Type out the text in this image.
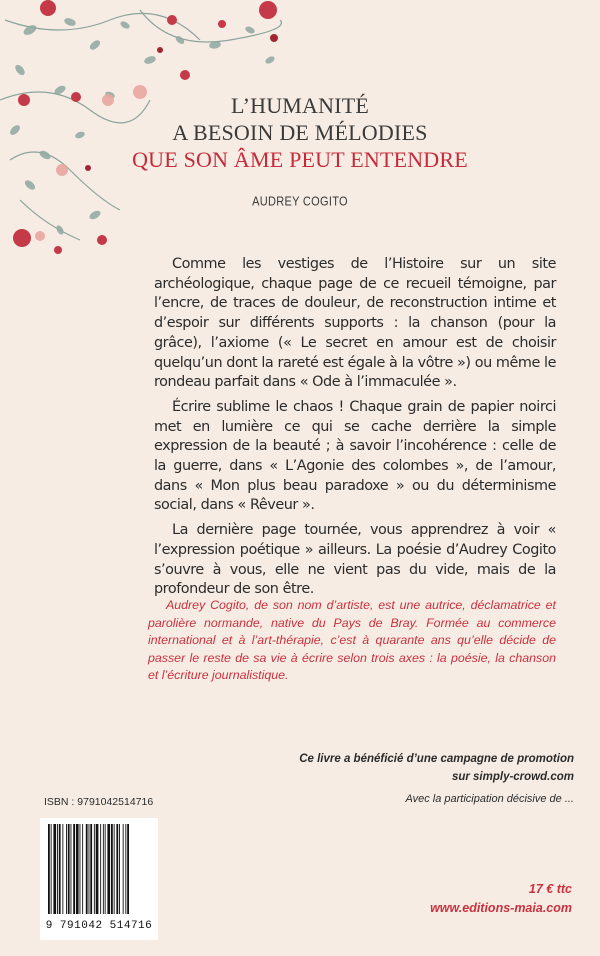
L’HUMANITÉ
A BESOIN DE MÉLODIES
QUE SON ÂME PEUT ENTENDRE
AUDREY COGITO

Comme les vestiges de l’Histoire sur un site archéologique, chaque page de ce recueil témoigne, par l’encre, de traces de douleur, de reconstruction intime et d’espoir sur différents supports : la chanson (pour la grâce), l’axiome (« Le secret en amour est de choisir quelqu’un dont la rareté est égale à la vôtre ») ou même le rondeau parfait dans « Ode à l’immaculée ».

Écrire sublime le chaos ! Chaque grain de papier noirci met en lumière ce qui se cache derrière la simple expression de la beauté ; à savoir l’incohérence : celle de la guerre, dans « L’Agonie des colombes », de l’amour, dans « Mon plus beau paradoxe » ou du déterminisme social, dans « Rêveur ».

La dernière page tournée, vous apprendrez à voir « l’expression poétique » ailleurs. La poésie d’Audrey Cogito s’ouvre à vous, elle ne vient pas du vide, mais de la profondeur de son être.

Audrey Cogito, de son nom d’artiste, est une autrice, déclamatrice et parolière normande, native du Pays de Bray. Formée au commerce international et à l’art-thérapie, c’est à quarante ans qu’elle décide de passer le reste de sa vie à écrire selon trois axes : la poésie, la chanson et l’écriture journalistique.

Ce livre a bénéficié d’une campagne de promotion
sur simply-crowd.com
Avec la participation décisive de ...
ISBN : 9791042514716
9 791042 514716
17 € ttc
www.editions-maia.com
